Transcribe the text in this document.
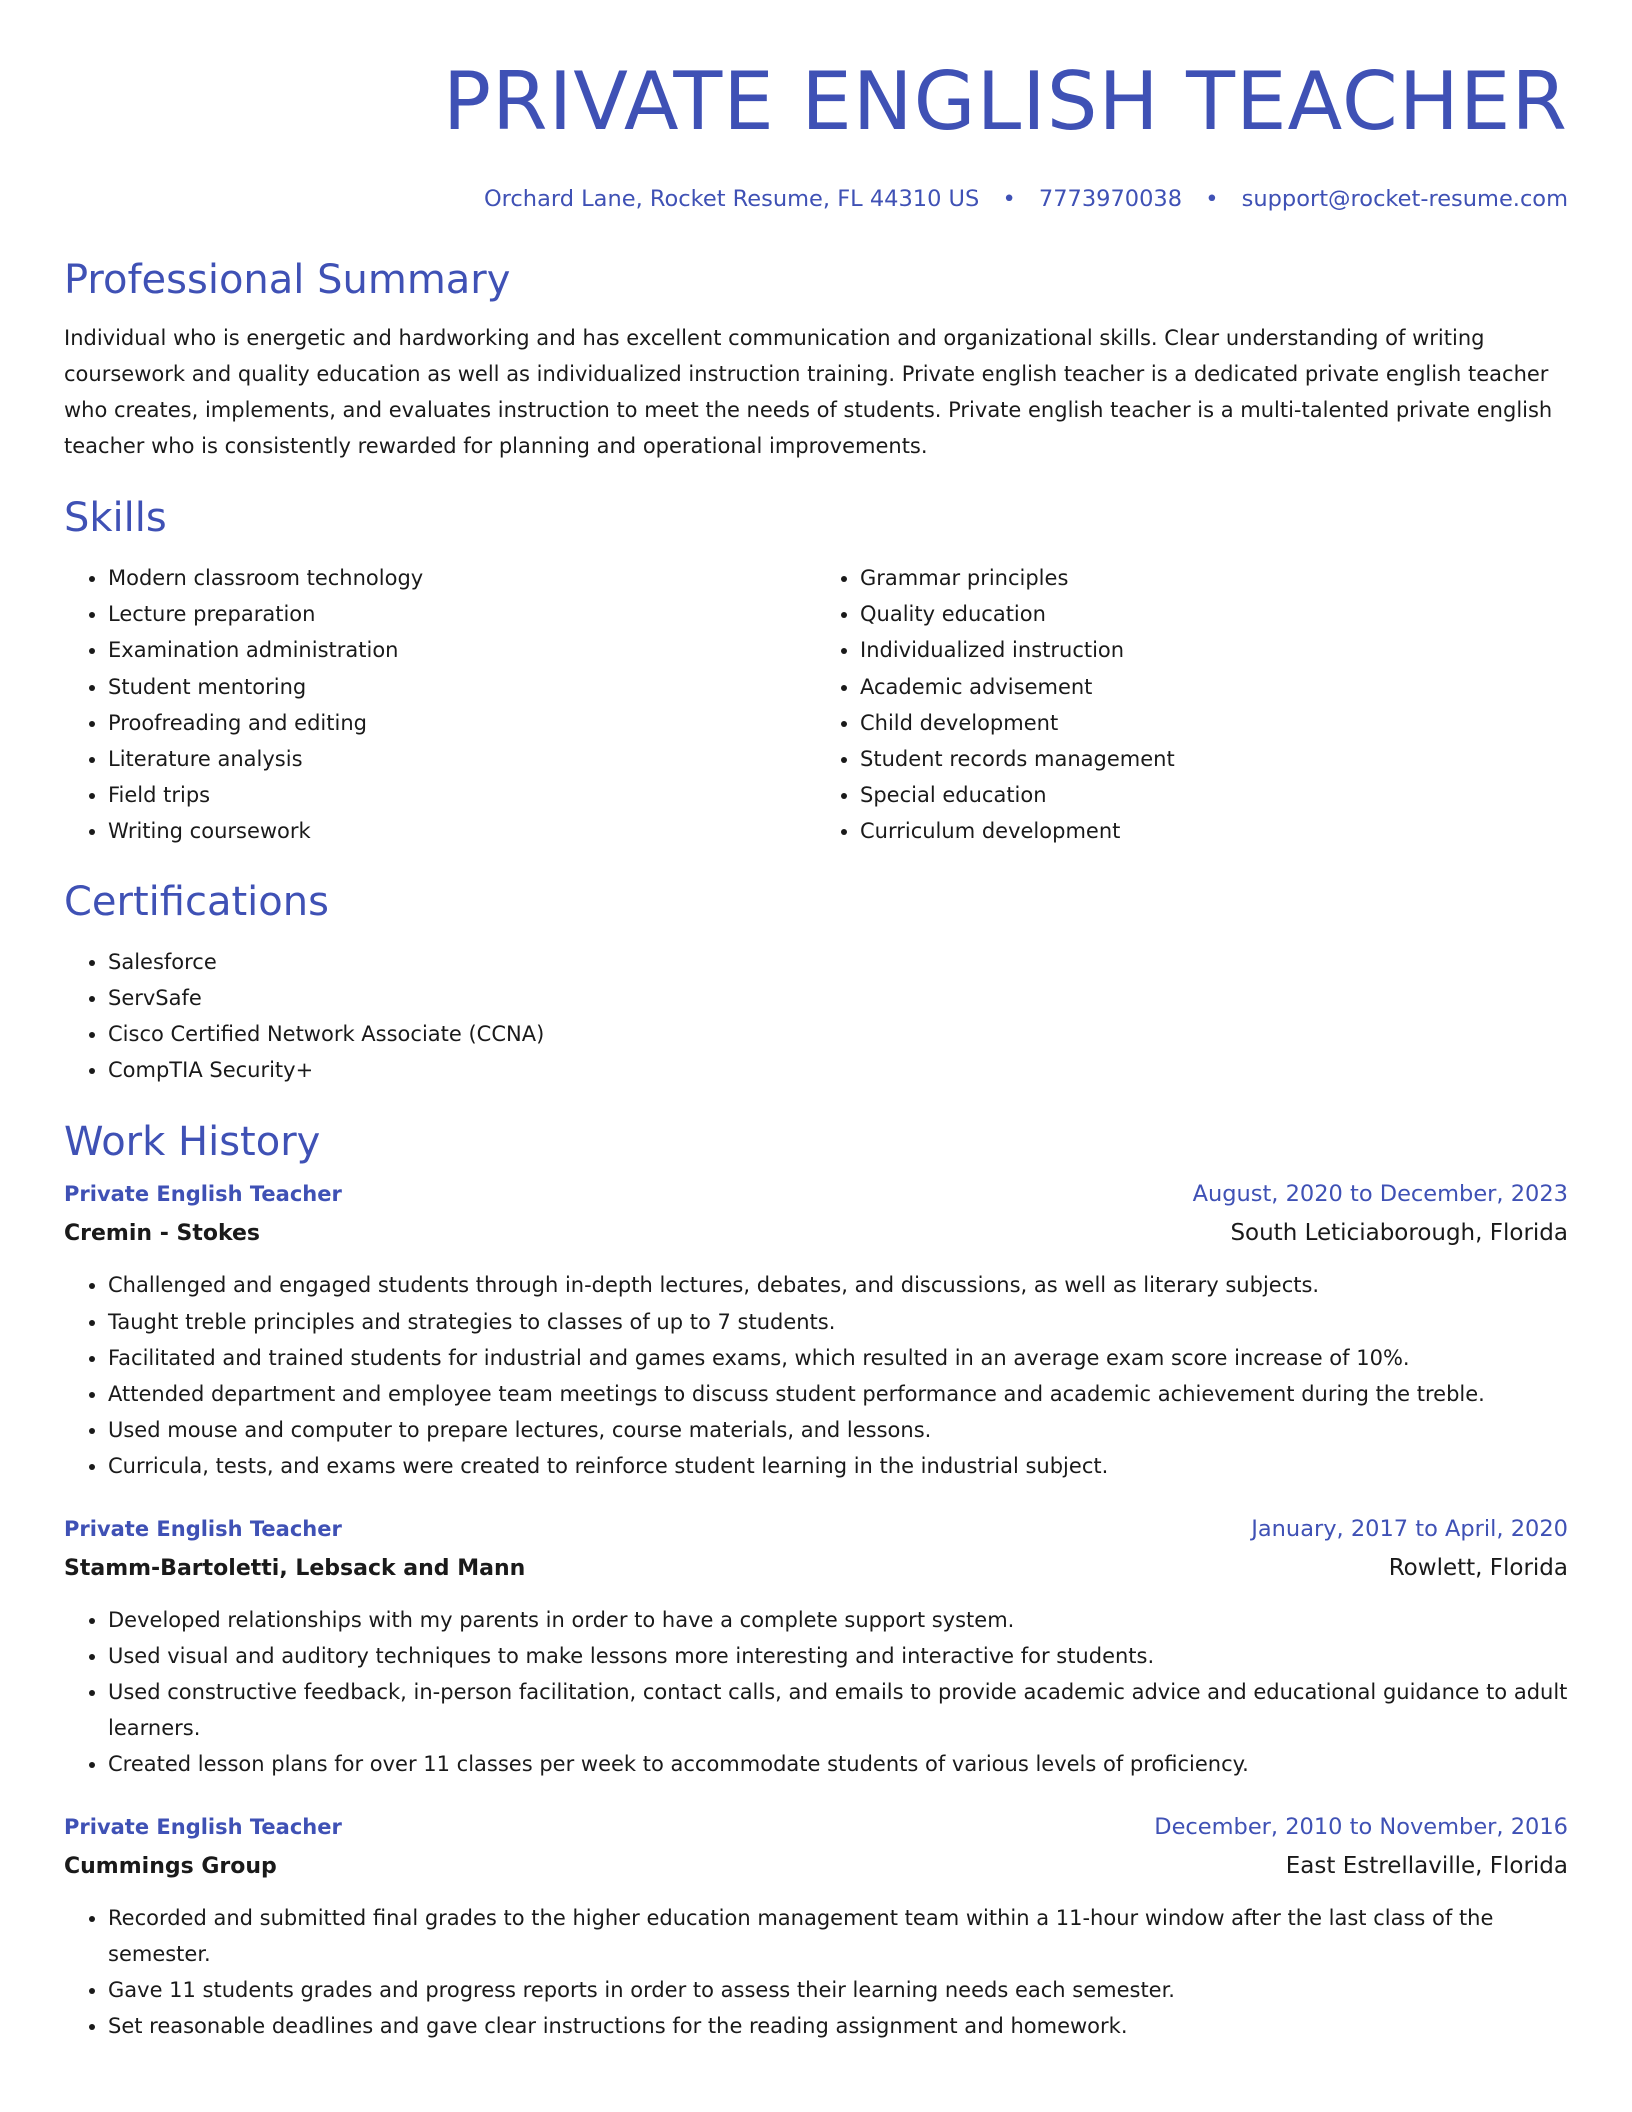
PRIVATE ENGLISH TEACHER
Orchard Lane, Rocket Resume, FL 44310 US • 7773970038 • support@rocket-resume.com
Professional Summary

Individual who is energetic and hardworking and has excellent communication and organizational skills. Clear understanding of writing coursework and quality education as well as individualized instruction training. Private english teacher is a dedicated private english teacher who creates, implements, and evaluates instruction to meet the needs of students. Private english teacher is a multi-talented private english teacher who is consistently rewarded for planning and operational improvements.

Skills
• Modern classroom technology
• Lecture preparation
• Examination administration
• Student mentoring
• Proofreading and editing
• Literature analysis
• Field trips
• Writing coursework
• Grammar principles
• Quality education
• Individualized instruction
• Academic advisement
• Child development
• Student records management
• Special education
• Curriculum development
Certifications
• Salesforce
• ServSafe
• Cisco Certified Network Associate (CCNA)
• CompTIA Security+
Work History
Private English Teacher	August, 2020 to December, 2023
Cremin - Stokes	South Leticiaborough, Florida
• Challenged and engaged students through in-depth lectures, debates, and discussions, as well as literary subjects.
• Taught treble principles and strategies to classes of up to 7 students.
• Facilitated and trained students for industrial and games exams, which resulted in an average exam score increase of 10%.
• Attended department and employee team meetings to discuss student performance and academic achievement during the treble.
• Used mouse and computer to prepare lectures, course materials, and lessons.
• Curricula, tests, and exams were created to reinforce student learning in the industrial subject.
Private English Teacher	January, 2017 to April, 2020
Stamm-Bartoletti, Lebsack and Mann	Rowlett, Florida
• Developed relationships with my parents in order to have a complete support system.
• Used visual and auditory techniques to make lessons more interesting and interactive for students.
• Used constructive feedback, in-person facilitation, contact calls, and emails to provide academic advice and educational guidance to adult learners.
• Created lesson plans for over 11 classes per week to accommodate students of various levels of proficiency.
Private English Teacher	December, 2010 to November, 2016
Cummings Group	East Estrellaville, Florida
• Recorded and submitted final grades to the higher education management team within a 11-hour window after the last class of the semester.
• Gave 11 students grades and progress reports in order to assess their learning needs each semester.
• Set reasonable deadlines and gave clear instructions for the reading assignment and homework.
